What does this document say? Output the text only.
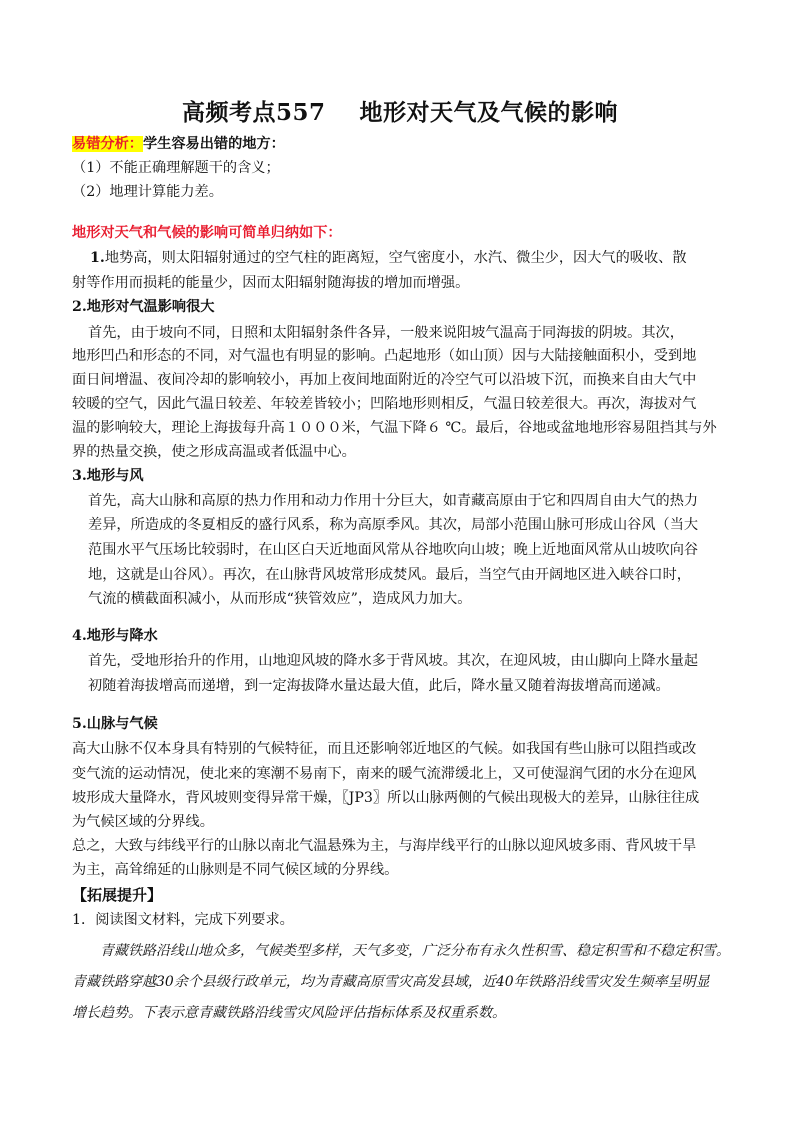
高频考点557 地形对天气及气候的影响
易错分析：学生容易出错的地方：
（1）不能正确理解题干的含义；
（2）地理计算能力差。
地形对天气和气候的影响可简单归纳如下：
1.地势高，则太阳辐射通过的空气柱的距离短，空气密度小，水汽、微尘少，因大气的吸收、散
射等作用而损耗的能量少，因而太阳辐射随海拔的增加而增强。
2.地形对气温影响很大
首先，由于坡向不同，日照和太阳辐射条件各异，一般来说阳坡气温高于同海拔的阴坡。其次，
地形凹凸和形态的不同，对气温也有明显的影响。凸起地形（如山顶）因与大陆接触面积小，受到地
面日间增温、夜间冷却的影响较小，再加上夜间地面附近的冷空气可以沿坡下沉，而换来自由大气中
较暖的空气，因此气温日较差、年较差皆较小；凹陷地形则相反，气温日较差很大。再次，海拔对气
温的影响较大，理论上海拔每升高１０００米，气温下降６ ℃。最后，谷地或盆地地形容易阻挡其与外
界的热量交换，使之形成高温或者低温中心。
3.地形与风
首先，高大山脉和高原的热力作用和动力作用十分巨大，如青藏高原由于它和四周自由大气的热力
差异，所造成的冬夏相反的盛行风系，称为高原季风。其次，局部小范围山脉可形成山谷风（当大
范围水平气压场比较弱时，在山区白天近地面风常从谷地吹向山坡；晚上近地面风常从山坡吹向谷
地，这就是山谷风）。再次，在山脉背风坡常形成焚风。最后，当空气由开阔地区进入峡谷口时，
气流的横截面积减小，从而形成“狭管效应”，造成风力加大。
4.地形与降水
首先，受地形抬升的作用，山地迎风坡的降水多于背风坡。其次，在迎风坡，由山脚向上降水量起
初随着海拔增高而递增，到一定海拔降水量达最大值，此后，降水量又随着海拔增高而递减。
5.山脉与气候
高大山脉不仅本身具有特别的气候特征，而且还影响邻近地区的气候。如我国有些山脉可以阻挡或改
变气流的运动情况，使北来的寒潮不易南下，南来的暖气流滞缓北上，又可使湿润气团的水分在迎风
坡形成大量降水，背风坡则变得异常干燥，〖JP3〗所以山脉两侧的气候出现极大的差异，山脉往往成
为气候区域的分界线。
总之，大致与纬线平行的山脉以南北气温悬殊为主，与海岸线平行的山脉以迎风坡多雨、背风坡干旱
为主，高耸绵延的山脉则是不同气候区域的分界线。
【拓展提升】
1．阅读图文材料，完成下列要求。
青藏铁路沿线山地众多，气候类型多样，天气多变，广泛分布有永久性积雪、稳定积雪和不稳定积雪。
青藏铁路穿越30余个县级行政单元，均为青藏高原雪灾高发县域，近40年铁路沿线雪灾发生频率呈明显
增长趋势。下表示意青藏铁路沿线雪灾风险评估指标体系及权重系数。
